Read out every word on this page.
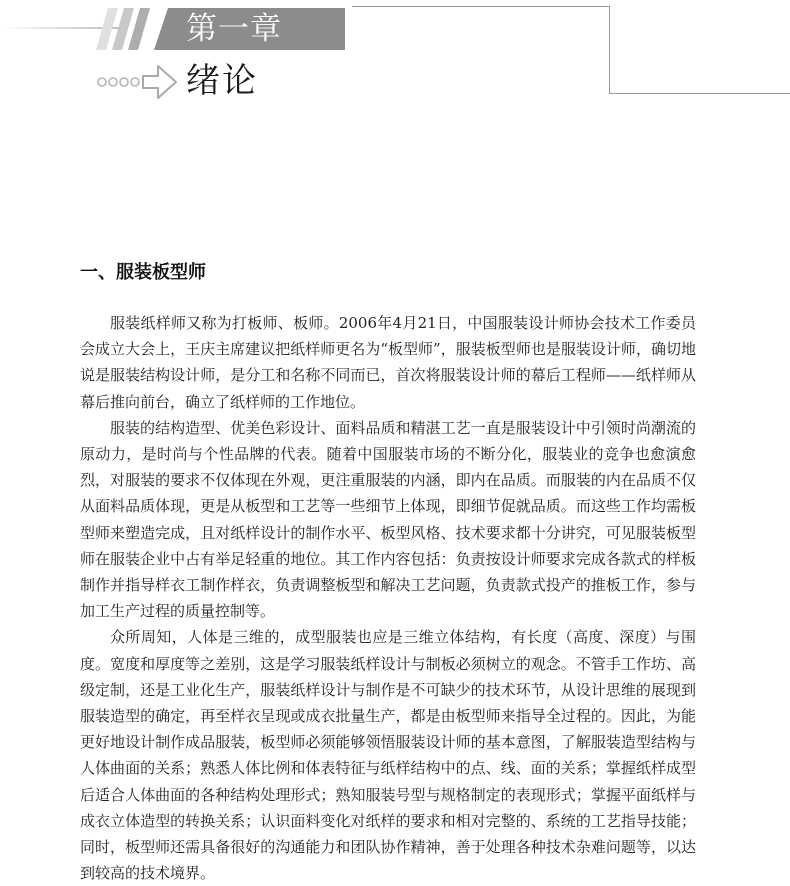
第一章
绪论
一、服装板型师

服装纸样师又称为打板师、板师。2006年4月21日，中国服装设计师协会技术工作委员会成立大会上，王庆主席建议把纸样师更名为“板型师”，服装板型师也是服装设计师，确切地说是服装结构设计师，是分工和名称不同而已，首次将服装设计师的幕后工程师——纸样师从幕后推向前台，确立了纸样师的工作地位。

服装的结构造型、优美色彩设计、面料品质和精湛工艺一直是服装设计中引领时尚潮流的原动力，是时尚与个性品牌的代表。随着中国服装市场的不断分化，服装业的竞争也愈演愈烈，对服装的要求不仅体现在外观，更注重服装的内涵，即内在品质。而服装的内在品质不仅从面料品质体现，更是从板型和工艺等一些细节上体现，即细节促就品质。而这些工作均需板型师来塑造完成，且对纸样设计的制作水平、板型风格、技术要求都十分讲究，可见服装板型师在服装企业中占有举足轻重的地位。其工作内容包括：负责按设计师要求完成各款式的样板制作并指导样衣工制作样衣，负责调整板型和解决工艺问题，负责款式投产的推板工作，参与加工生产过程的质量控制等。

众所周知，人体是三维的，成型服装也应是三维立体结构，有长度（高度、深度）与围度。宽度和厚度等之差别，这是学习服装纸样设计与制板必须树立的观念。不管手工作坊、高级定制，还是工业化生产，服装纸样设计与制作是不可缺少的技术环节，从设计思维的展现到服装造型的确定，再至样衣呈现或成衣批量生产，都是由板型师来指导全过程的。因此，为能更好地设计制作成品服装，板型师必须能够领悟服装设计师的基本意图，了解服装造型结构与人体曲面的关系；熟悉人体比例和体表特征与纸样结构中的点、线、面的关系；掌握纸样成型后适合人体曲面的各种结构处理形式；熟知服装号型与规格制定的表现形式；掌握平面纸样与成衣立体造型的转换关系；认识面料变化对纸样的要求和相对完整的、系统的工艺指导技能；同时，板型师还需具备很好的沟通能力和团队协作精神，善于处理各种技术杂难问题等，以达到较高的技术境界。
